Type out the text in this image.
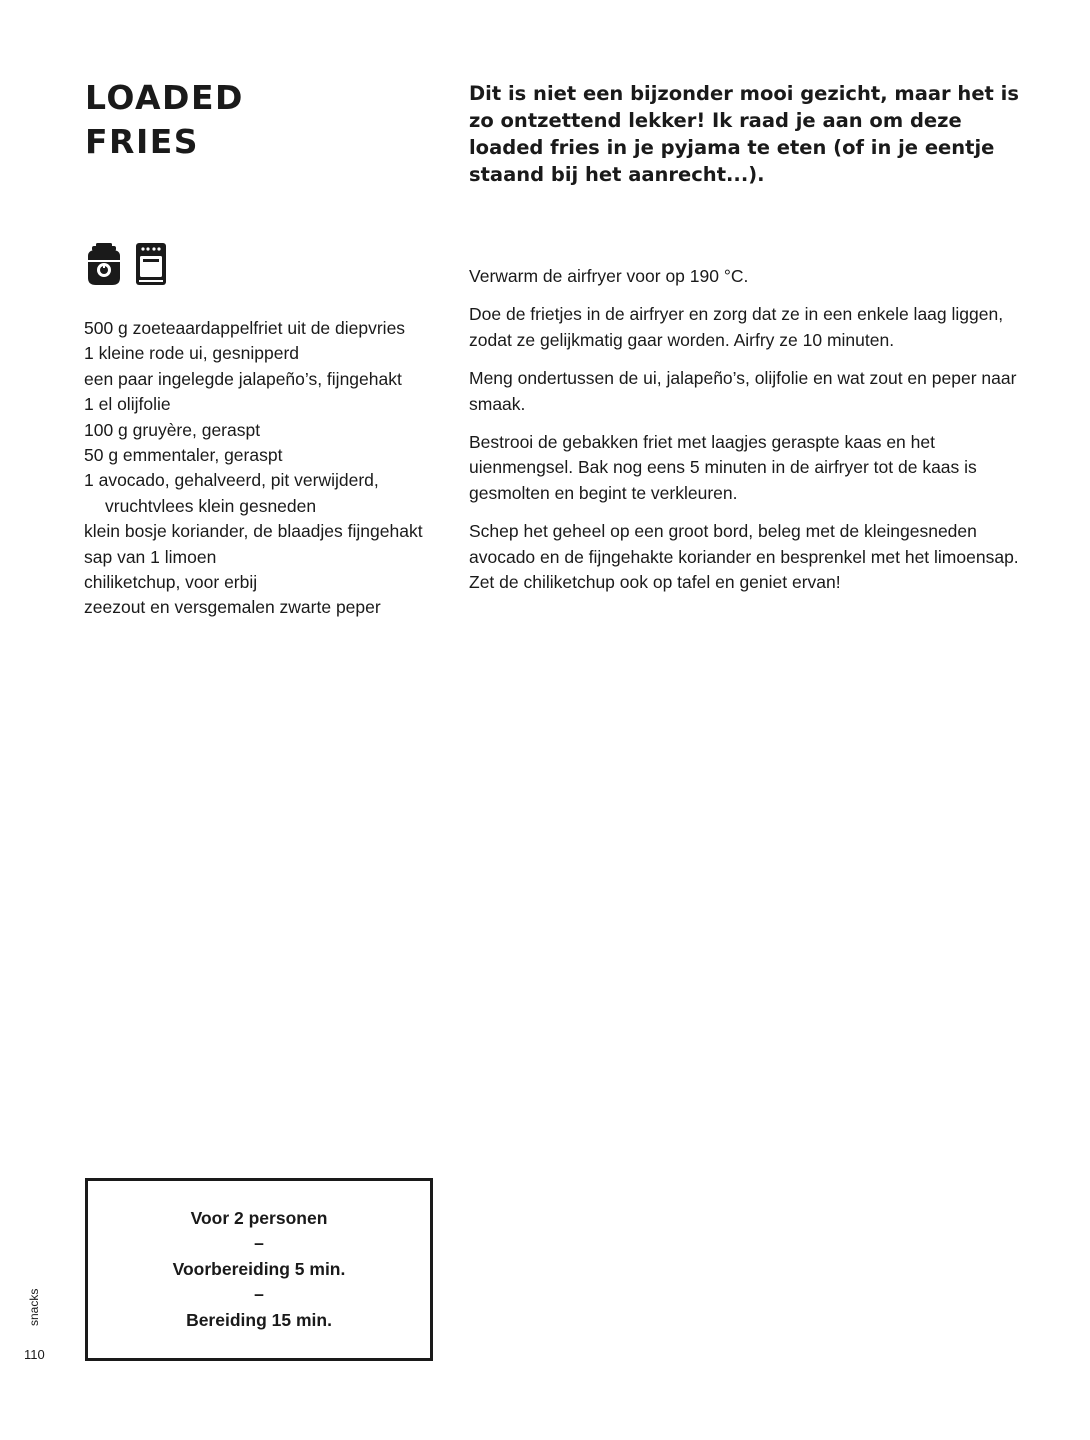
LOADED
FRIES

Dit is niet een bijzonder mooi gezicht, maar het is zo ontzettend lekker! Ik raad je aan om deze loaded fries in je pyjama te eten (of in je eentje staand bij het aanrecht...).

500 g zoeteaardappelfriet uit de diepvries
1 kleine rode ui, gesnipperd
een paar ingelegde jalapeño’s, fijngehakt
1 el olijfolie
100 g gruyère, geraspt
50 g emmentaler, geraspt
1 avocado, gehalveerd, pit verwijderd, vruchtvlees klein gesneden
klein bosje koriander, de blaadjes fijngehakt
sap van 1 limoen
chiliketchup, voor erbij
zeezout en versgemalen zwarte peper

Verwarm de airfryer voor op 190 °C.

Doe de frietjes in de airfryer en zorg dat ze in een enkele laag liggen, zodat ze gelijkmatig gaar worden. Airfry ze 10 minuten.

Meng ondertussen de ui, jalapeño’s, olijfolie en wat zout en peper naar smaak.

Bestrooi de gebakken friet met laagjes geraspte kaas en het uienmengsel. Bak nog eens 5 minuten in de airfryer tot de kaas is gesmolten en begint te verkleuren.

Schep het geheel op een groot bord, beleg met de kleingesneden avocado en de fijngehakte koriander en besprenkel met het limoensap. Zet de chiliketchup ook op tafel en geniet ervan!

Voor 2 personen
–
Voorbereiding 5 min.
–
Bereiding 15 min.
snacks
110
